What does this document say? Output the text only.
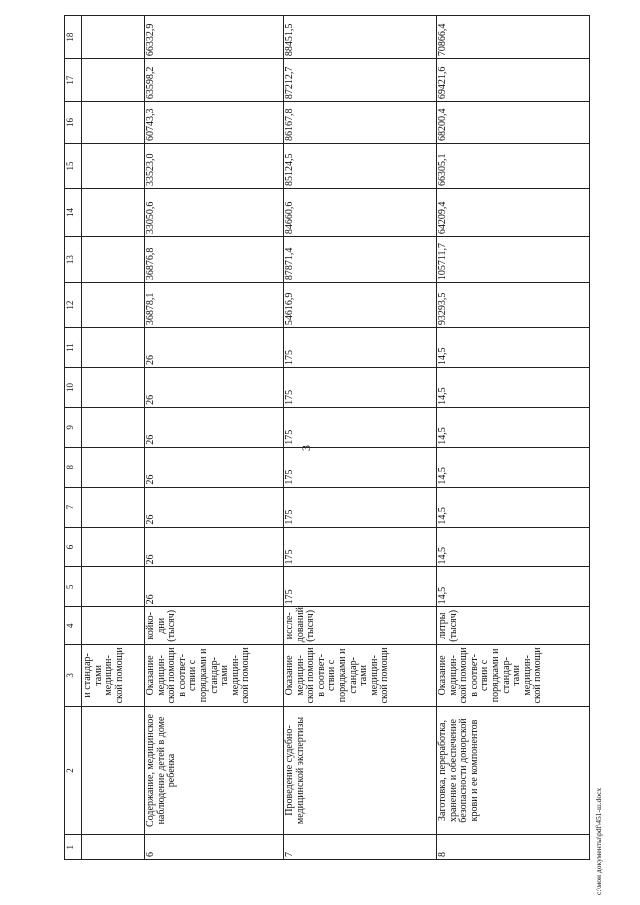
3
1	2	3	4	5	6	7	8	9	10	11	12	13	14	15	16	17	18
		и стандар-тами медицин-ской помощи															
6	Содержание, медицинское наблюдение детей в доме ребенка	Оказание медицин-ской помощи в соответ-ствии с порядками и стандар-тами медицин-ской помощи	койко-дни (тысяч)	26	26	26	26	26	26	26	36878,1	36876,8	33050,6	33523,0	60743,3	63598,2	66332,9
7	Проведение судебно-медицинской экспертизы	Оказание медицин-ской помощи в соответ-ствии с порядками и стандар-тами медицин-ской помощи	иссле-дований (тысяч)	175	175	175	175	175	175	175	54616,9	87871,4	84660,6	85124,5	86167,8	87212,7	88451,5
8	Заготовка, переработка, хранение и обеспечение безопасности донорской крови и ее компонентов	Оказание медицин-ской помощи в соответ-ствии с порядками и стандар-тами медицин-ской помощи	литры (тысяч)	14,5	14,5	14,5	14,5	14,5	14,5	14,5	93293,5	105711,7	64209,4	66305,1	68200,4	69421,6	70866,4
c:\мои документы\pdf\451-ш.docx
